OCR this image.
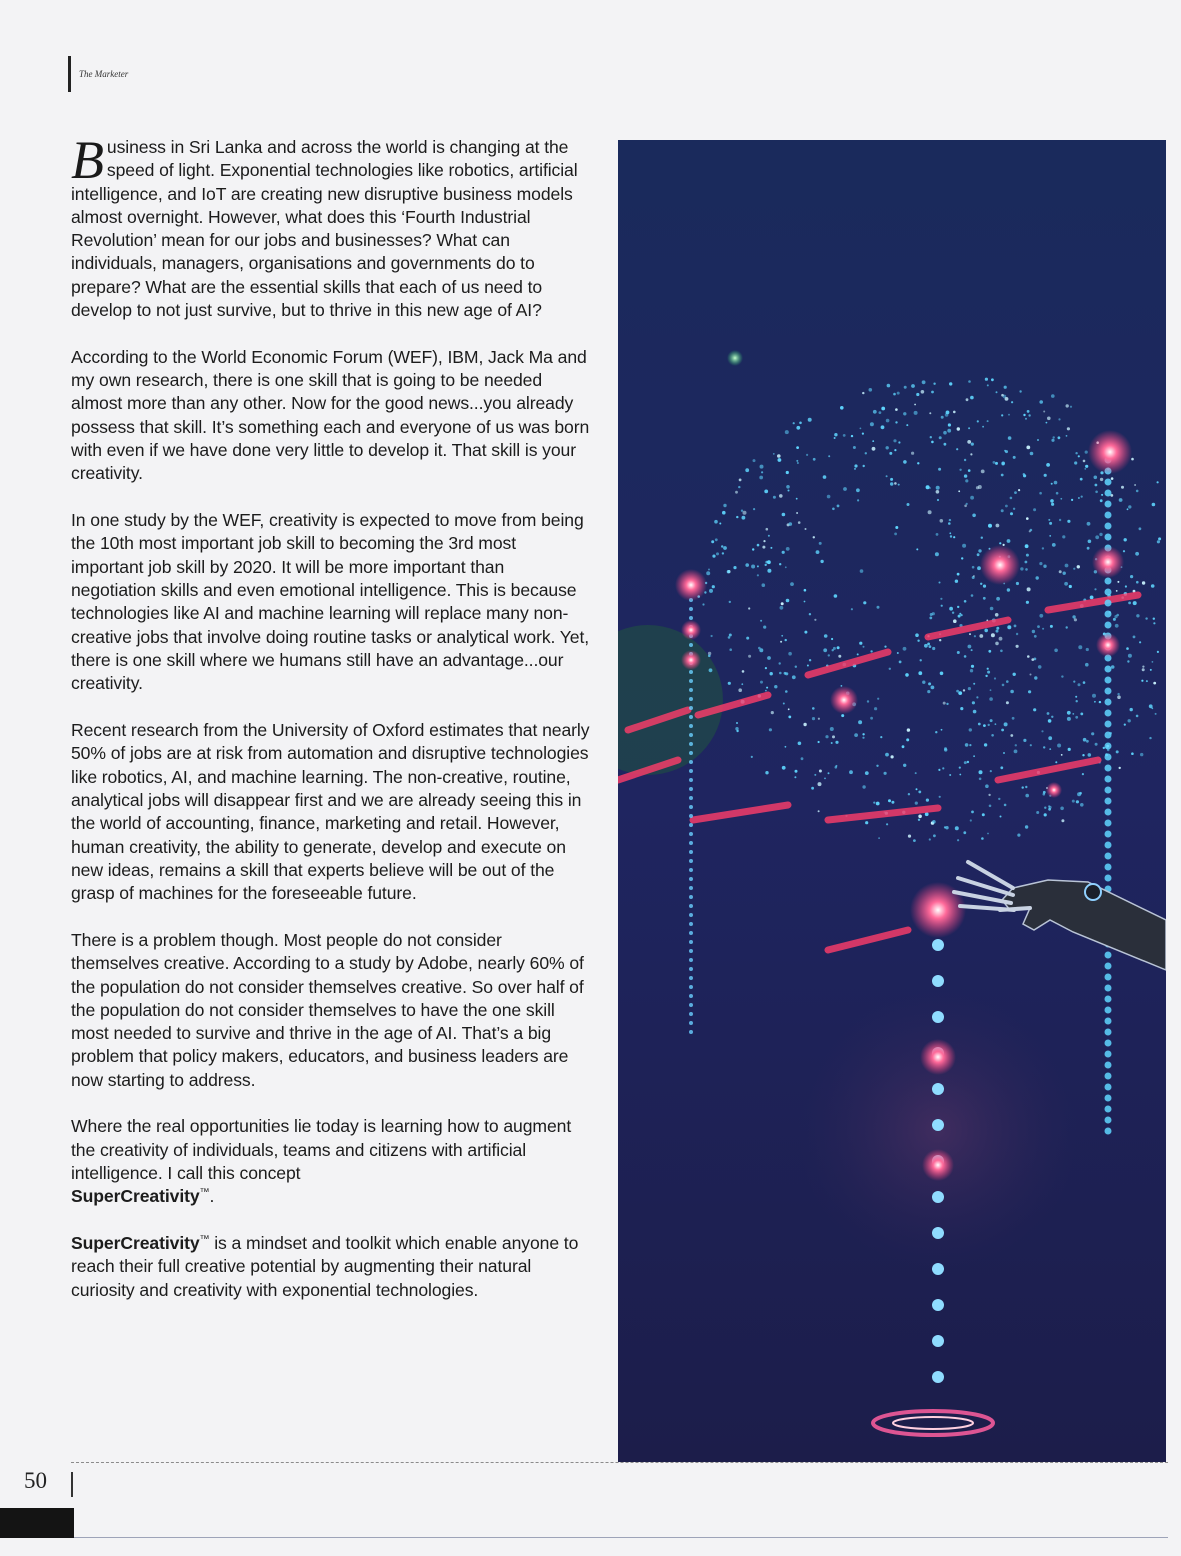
The Marketer

Business in Sri Lanka and across the world is changing at the speed of light. Exponential technologies like robotics, artificial intelligence, and IoT are creating new disruptive business models almost overnight. However, what does this ‘Fourth Industrial Revolution’ mean for our jobs and businesses? What can individuals, managers, organisations and governments do to prepare? What are the essential skills that each of us need to develop to not just survive, but to thrive in this new age of AI?

According to the World Economic Forum (WEF), IBM, Jack Ma and my own research, there is one skill that is going to be needed almost more than any other. Now for the good news...you already possess that skill. It’s something each and everyone of us was born with even if we have done very little to develop it. That skill is your creativity.

In one study by the WEF, creativity is expected to move from being the 10th most important job skill to becoming the 3rd most important job skill by 2020. It will be more important than negotiation skills and even emotional intelligence. This is because technologies like AI and machine learning will replace many non-creative jobs that involve doing routine tasks or analytical work. Yet, there is one skill where we humans still have an advantage...our creativity.

Recent research from the University of Oxford estimates that nearly 50% of jobs are at risk from automation and disruptive technologies like robotics, AI, and machine learning. The non-creative, routine, analytical jobs will disappear first and we are already seeing this in the world of accounting, finance, marketing and retail. However, human creativity, the ability to generate, develop and execute on new ideas, remains a skill that experts believe will be out of the grasp of machines for the foreseeable future.

There is a problem though. Most people do not consider themselves creative. According to a study by Adobe, nearly 60% of the population do not consider themselves creative. So over half of the population do not consider themselves to have the one skill most needed to survive and thrive in the age of AI. That’s a big problem that policy makers, educators, and business leaders are now starting to address.

Where the real opportunities lie today is learning how to augment the creativity of individuals, teams and citizens with artificial intelligence. I call this concept
SuperCreativity™.

SuperCreativity™ is a mindset and toolkit which enable anyone to reach their full creative potential by augmenting their natural curiosity and creativity with exponential technologies.

50
